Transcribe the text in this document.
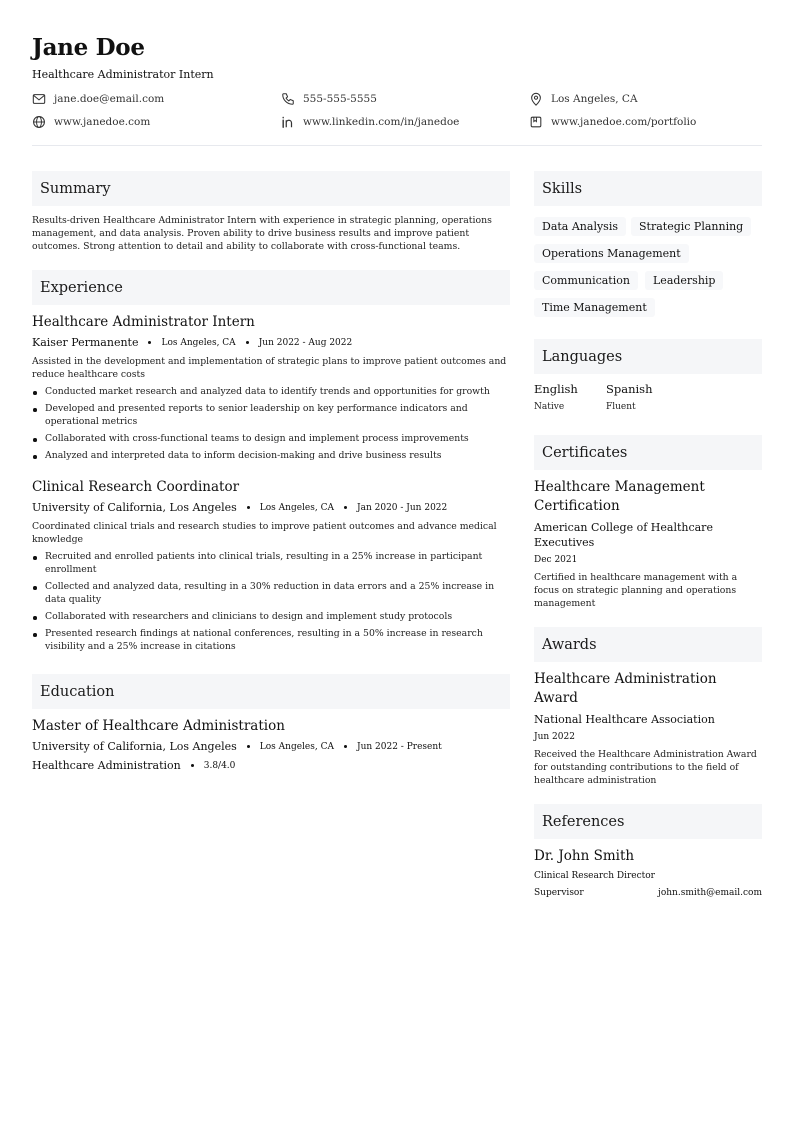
Jane Doe
Healthcare Administrator Intern
jane.doe@email.com	555-555-5555	Los Angeles, CA
www.janedoe.com	www.linkedin.com/in/janedoe	www.janedoe.com/portfolio
Summary
Results-driven Healthcare Administrator Intern with experience in strategic planning, operations management, and data analysis. Proven ability to drive business results and improve patient outcomes. Strong attention to detail and ability to collaborate with cross-functional teams.
Experience
Healthcare Administrator Intern
Kaiser Permanente	Los Angeles, CA	Jun 2022 - Aug 2022
Assisted in the development and implementation of strategic plans to improve patient outcomes and reduce healthcare costs
Conducted market research and analyzed data to identify trends and opportunities for growth
Developed and presented reports to senior leadership on key performance indicators and operational metrics
Collaborated with cross-functional teams to design and implement process improvements
Analyzed and interpreted data to inform decision-making and drive business results
Clinical Research Coordinator
University of California, Los Angeles	Los Angeles, CA	Jan 2020 - Jun 2022
Coordinated clinical trials and research studies to improve patient outcomes and advance medical knowledge
Recruited and enrolled patients into clinical trials, resulting in a 25% increase in participant enrollment
Collected and analyzed data, resulting in a 30% reduction in data errors and a 25% increase in data quality
Collaborated with researchers and clinicians to design and implement study protocols
Presented research findings at national conferences, resulting in a 50% increase in research visibility and a 25% increase in citations
Education
Master of Healthcare Administration
University of California, Los Angeles	Los Angeles, CA	Jun 2022 - Present
Healthcare Administration	3.8/4.0
Skills
Data Analysis	Strategic Planning
Operations Management
Communication	Leadership
Time Management
Languages
English
Native
Spanish
Fluent
Certificates
Healthcare Management Certification
American College of Healthcare Executives
Dec 2021
Certified in healthcare management with a focus on strategic planning and operations management
Awards
Healthcare Administration Award
National Healthcare Association
Jun 2022
Received the Healthcare Administration Award for outstanding contributions to the field of healthcare administration
References
Dr. John Smith
Clinical Research Director
Supervisor	john.smith@email.com
